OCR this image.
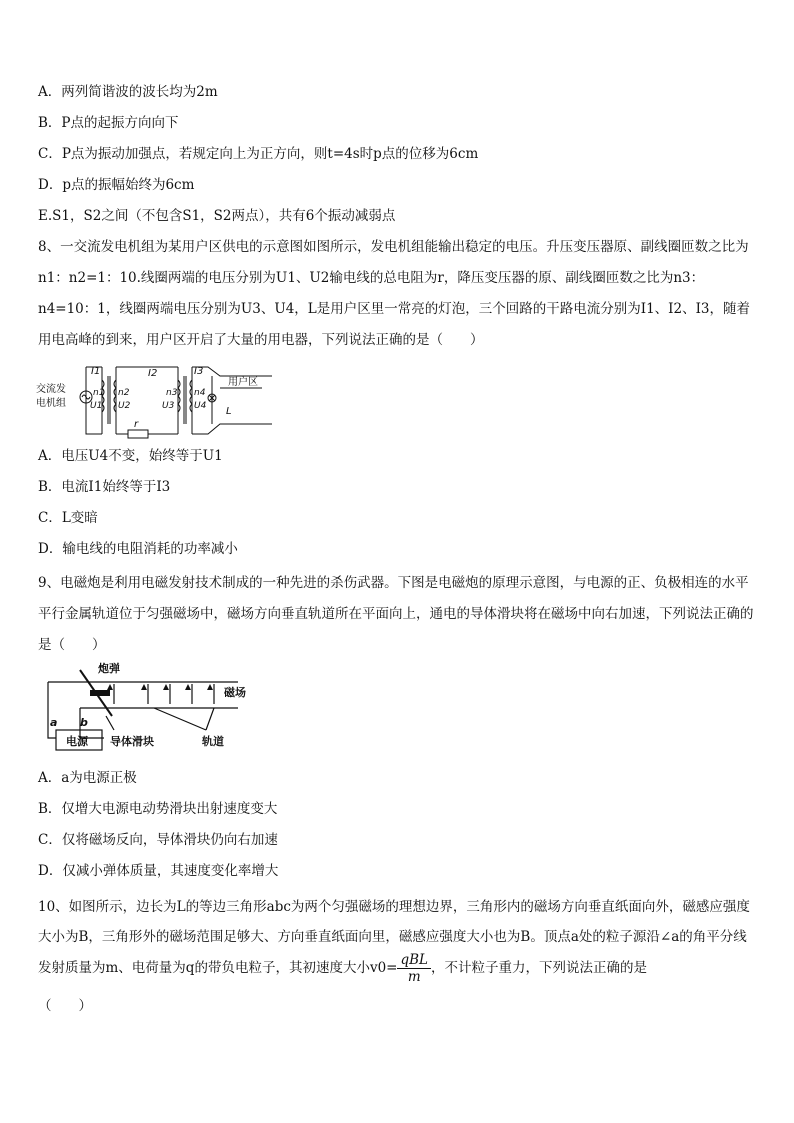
A．两列简谐波的波长均为2m
B．P点的起振方向向下
C．P点为振动加强点，若规定向上为正方向，则t=4s时p点的位移为6cm
D．p点的振幅始终为6cm
E.S1，S2之间（不包含S1，S2两点），共有6个振动减弱点
8、一交流发电机组为某用户区供电的示意图如图所示，发电机组能输出稳定的电压。升压变压器原、副线圈匝数之比为n1：n2=1：10.线圈两端的电压分别为U1、U2输电线的总电阻为r，降压变压器的原、副线圈匝数之比为n3：n4=10：1，线圈两端电压分别为U3、U4，L是用户区里一常亮的灯泡，三个回路的干路电流分别为I1、I2、I3，随着用电高峰的到来，用户区开启了大量的用电器，下列说法正确的是（　　）
交流发
电机组
I1
n1
U1
n2
U2
I2
n3
U3
n4
U4
I3
r
L
用户区
A．电压U4不变，始终等于U1
B．电流I1始终等于I3
C．L变暗
D．输电线的电阻消耗的功率减小
9、电磁炮是利用电磁发射技术制成的一种先进的杀伤武器。下图是电磁炮的原理示意图，与电源的正、负极相连的水平平行金属轨道位于匀强磁场中，磁场方向垂直轨道所在平面向上，通电的导体滑块将在磁场中向右加速，下列说法正确的是（　　）
炮弹
磁场
a b
电源 导体滑块	轨道
A．a为电源正极
B．仅增大电源电动势滑块出射速度变大
C．仅将磁场反向，导体滑块仍向右加速
D．仅减小弹体质量，其速度变化率增大
10、如图所示，边长为L的等边三角形abc为两个匀强磁场的理想边界，三角形内的磁场方向垂直纸面向外，磁感应强度大小为B，三角形外的磁场范围足够大、方向垂直纸面向里，磁感应强度大小也为B。顶点a处的粒子源沿∠a的角平分线发射质量为m、电荷量为q的带负电粒子，其初速度大小$v0= \frac{\text{qBL}}{m}$ ，不计粒子重力，下列说法正确的是
（　　）
